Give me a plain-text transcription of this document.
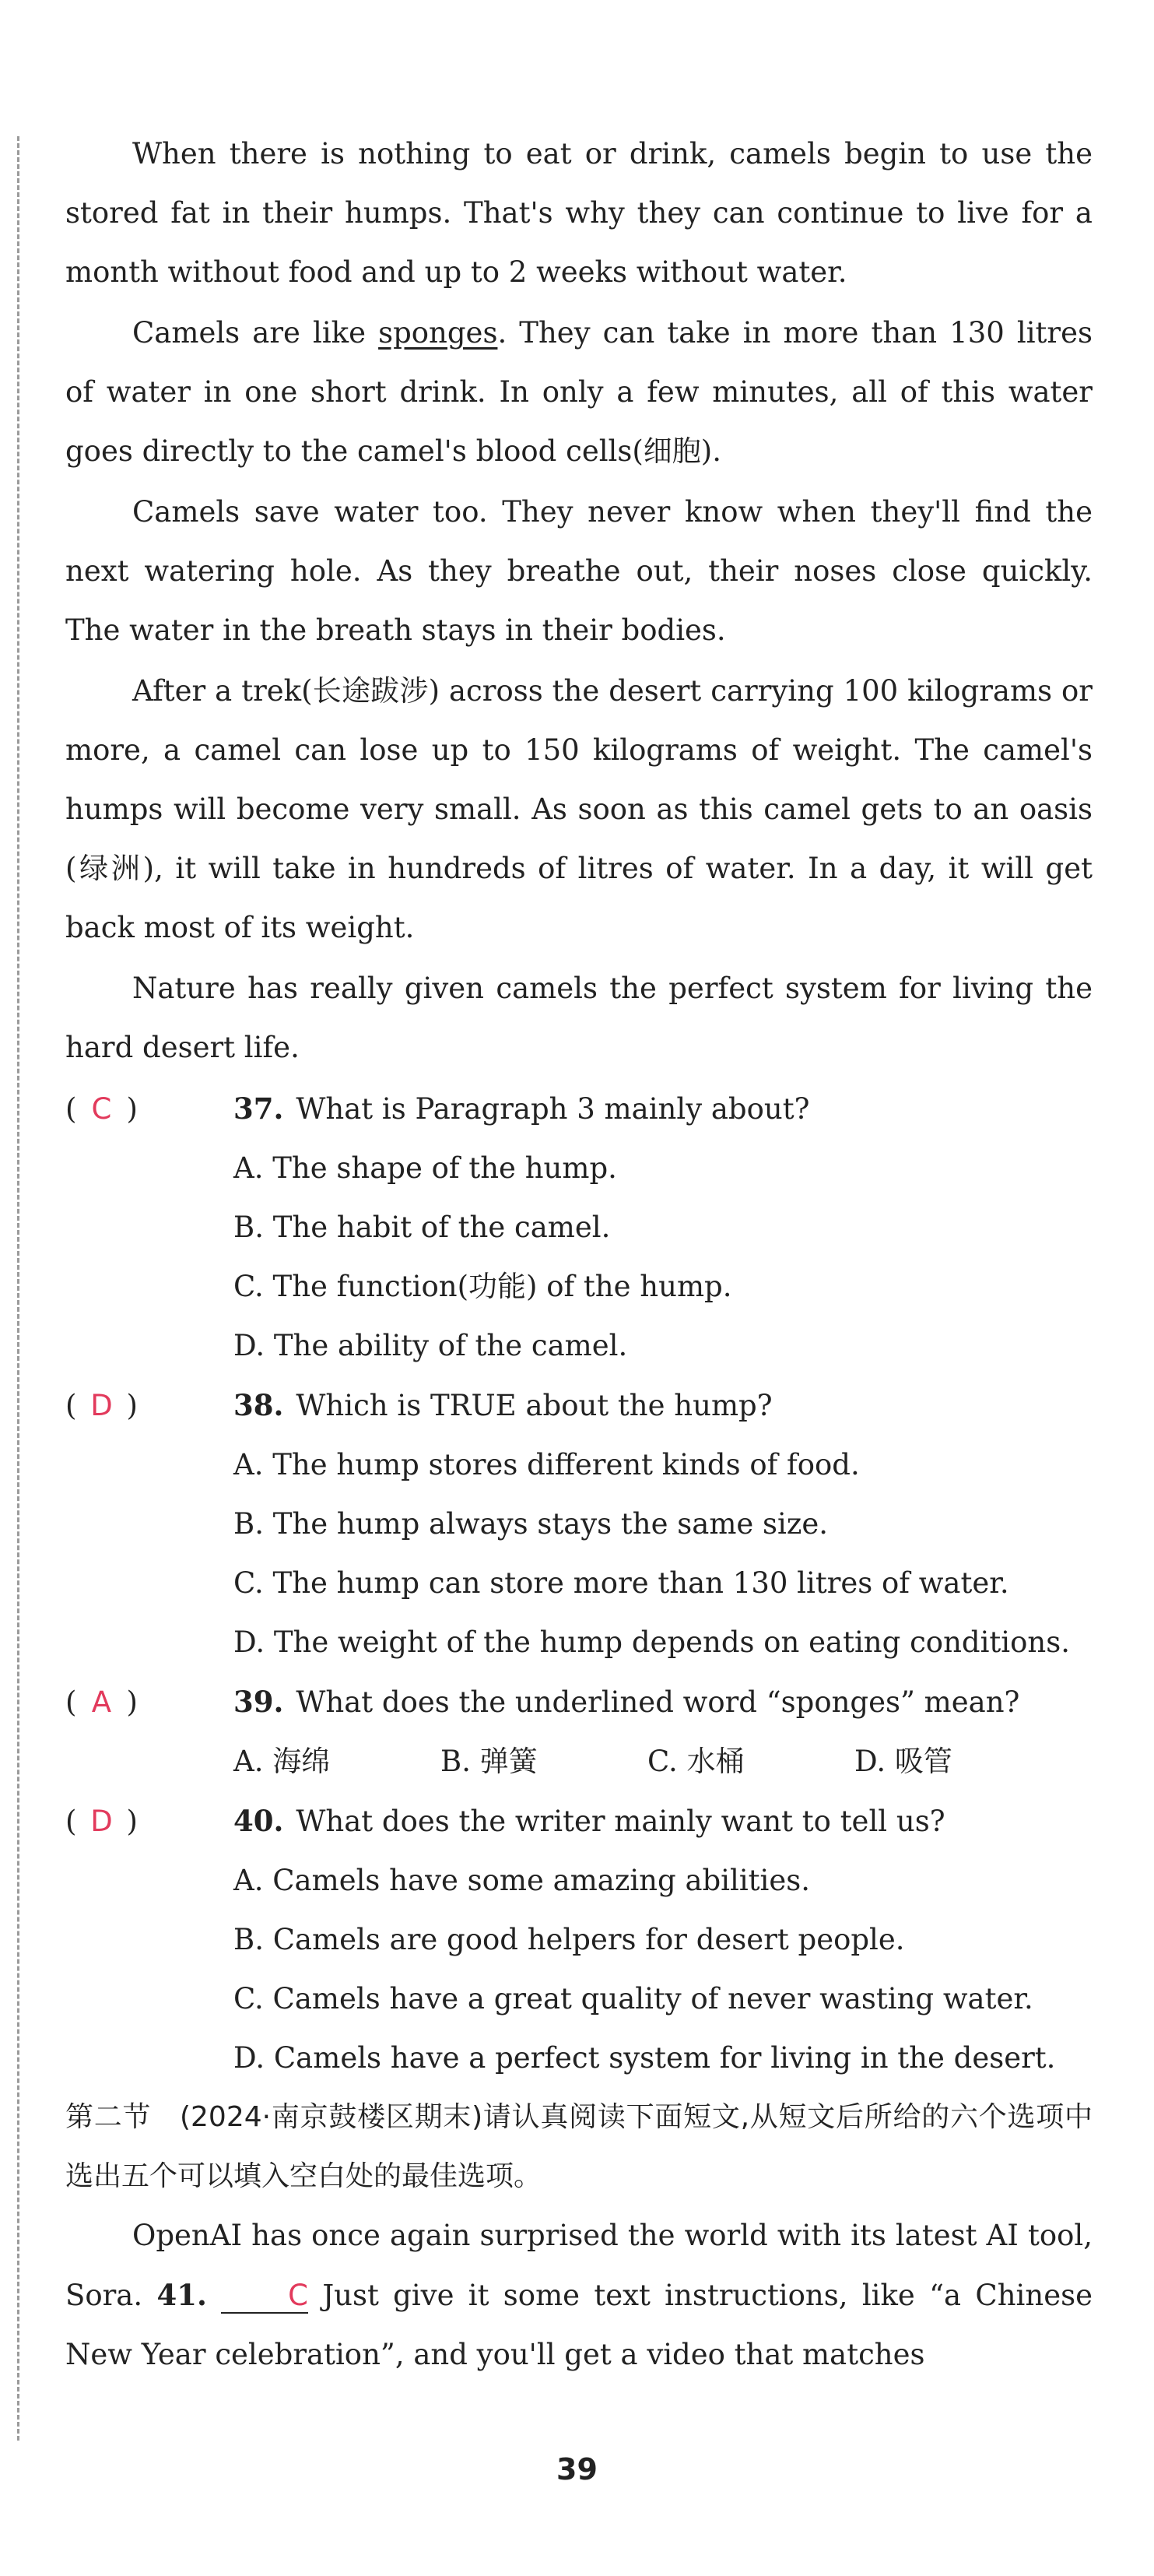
When there is nothing to eat or drink, camels begin to use the stored fat in their humps. That's why they can continue to live for a month without food and up to 2 weeks without water.

Camels are like sponges. They can take in more than 130 litres of water in one short drink. In only a few minutes, all of this water goes directly to the camel's blood cells(细胞).

Camels save water too. They never know when they'll find the next watering hole. As they breathe out, their noses close quickly. The water in the breath stays in their bodies.

After a trek(长途跋涉) across the desert carrying 100 kilograms or more, a camel can lose up to 150 kilograms of weight. The camel's humps will become very small. As soon as this camel gets to an oasis (绿洲), it will take in hundreds of litres of water. In a day, it will get back most of its weight.

Nature has really given camels the perfect system for living the hard desert life.

( C )	37. What is Paragraph 3 mainly about?
A. The shape of the hump.
B. The habit of the camel.
C. The function(功能) of the hump.
D. The ability of the camel.
( D )	38. Which is TRUE about the hump?
A. The hump stores different kinds of food.
B. The hump always stays the same size.
C. The hump can store more than 130 litres of water.
D. The weight of the hump depends on eating conditions.
( A )	39. What does the underlined word “sponges” mean?
A. 海绵	B. 弹簧	C. 水桶	D. 吸管
( D )	40. What does the writer mainly want to tell us?
A. Camels have some amazing abilities.
B. Camels are good helpers for desert people.
C. Camels have a great quality of never wasting water.
D. Camels have a perfect system for living in the desert.
第二节　(2024·南京鼓楼区期末)请认真阅读下面短文,从短文后所给的六个选项中选出五个可以填入空白处的最佳选项。

OpenAI has once again surprised the world with its latest AI tool, Sora. 41.	C Just give it some text instructions, like “a Chinese New Year celebration”, and you'll get a video that matches

39
